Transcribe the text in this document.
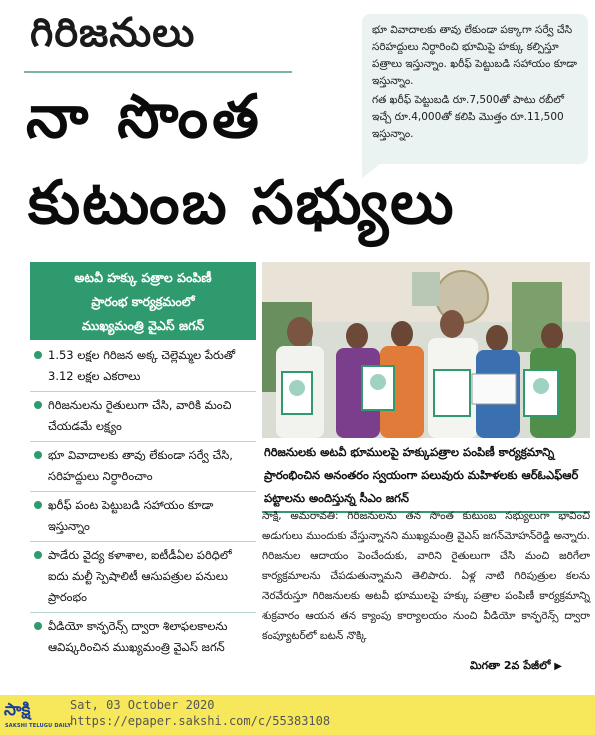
గిరిజనులు
నా సొంత
కుటుంబ సభ్యులు

భూ వివాదాలకు తావు లేకుండా పక్కాగా సర్వే చేసి సరిహద్దులు నిర్ధారించి భూమిపై హక్కు కల్పిస్తూ పత్రాలు ఇస్తున్నాం. ఖరీఫ్ పెట్టుబడి సహాయం కూడా ఇస్తున్నాం.

గత ఖరీఫ్ పెట్టుబడి రూ.7,500తో పాటు రబీలో ఇచ్చే రూ.4,000తో కలిపి మొత్తం రూ.11,500 ఇస్తున్నాం.

అటవీ హక్కు పత్రాల పంపిణీ
ప్రారంభ కార్యక్రమంలో
ముఖ్యమంత్రి వైఎస్‌ జగన్‌
1.53 లక్షల గిరిజన అక్క చెల్లెమ్మల పేరుతో 3.12 లక్షల ఎకరాలు
గిరిజనులను రైతులుగా చేసి, వారికి మంచి చేయడమే లక్ష్యం
భూ వివాదాలకు తావు లేకుండా సర్వే చేసి, సరిహద్దులు నిర్ధారించాం
ఖరీఫ్ పంట పెట్టుబడి సహాయం కూడా ఇస్తున్నాం
పాడేరు వైద్య కళాశాల, ఐటీడీఏల పరిధిలో ఐదు మల్టీ స్పెషాలిటీ ఆసుపత్రుల పనులు ప్రారంభం
వీడియో కాన్ఫరెన్స్ ద్వారా శిలాఫలకాలను ఆవిష్కరించిన ముఖ్యమంత్రి వైఎస్ జగన్
గిరిజనులకు అటవీ భూములపై హక్కుపత్రాల పంపిణీ కార్యక్రమాన్ని ప్రారంభించిన అనంతరం స్వయంగా పలువురు మహిళలకు ఆర్‌ఓఎఫ్‌ఆర్‌ పట్టాలను అందిస్తున్న సీఎం జగన్‌
సాక్షి, అమరావతి: గిరిజనులను తన సొంత కుటుంబ సభ్యులుగా భావించి అడుగులు ముందుకు వేస్తున్నానని ముఖ్యమంత్రి వైఎస్‌ జగన్‌మోహన్‌రెడ్డి అన్నారు. గిరిజనుల ఆదాయం పెంచేందుకు, వారిని రైతులుగా చేసి మంచి జరిగేలా కార్యక్రమాలను చేపడుతున్నామని తెలిపారు. ఏళ్ల నాటి గిరిపుత్రుల కలను నెరవేరుస్తూ గిరిజనులకు అటవీ భూములపై హక్కు పత్రాల పంపిణీ కార్యక్రమాన్ని శుక్రవారం ఆయన తన క్యాంపు కార్యాలయం నుంచి వీడియో కాన్ఫరెన్స్‌ ద్వారా కంప్యూటర్‌లో బటన్‌ నొక్కి
మిగతా 2వ పేజీలో ▶
సాక్షి
SAKSHI TELUGU DAILY
Sat, 03 October 2020
https://epaper.sakshi.com/c/55383108
